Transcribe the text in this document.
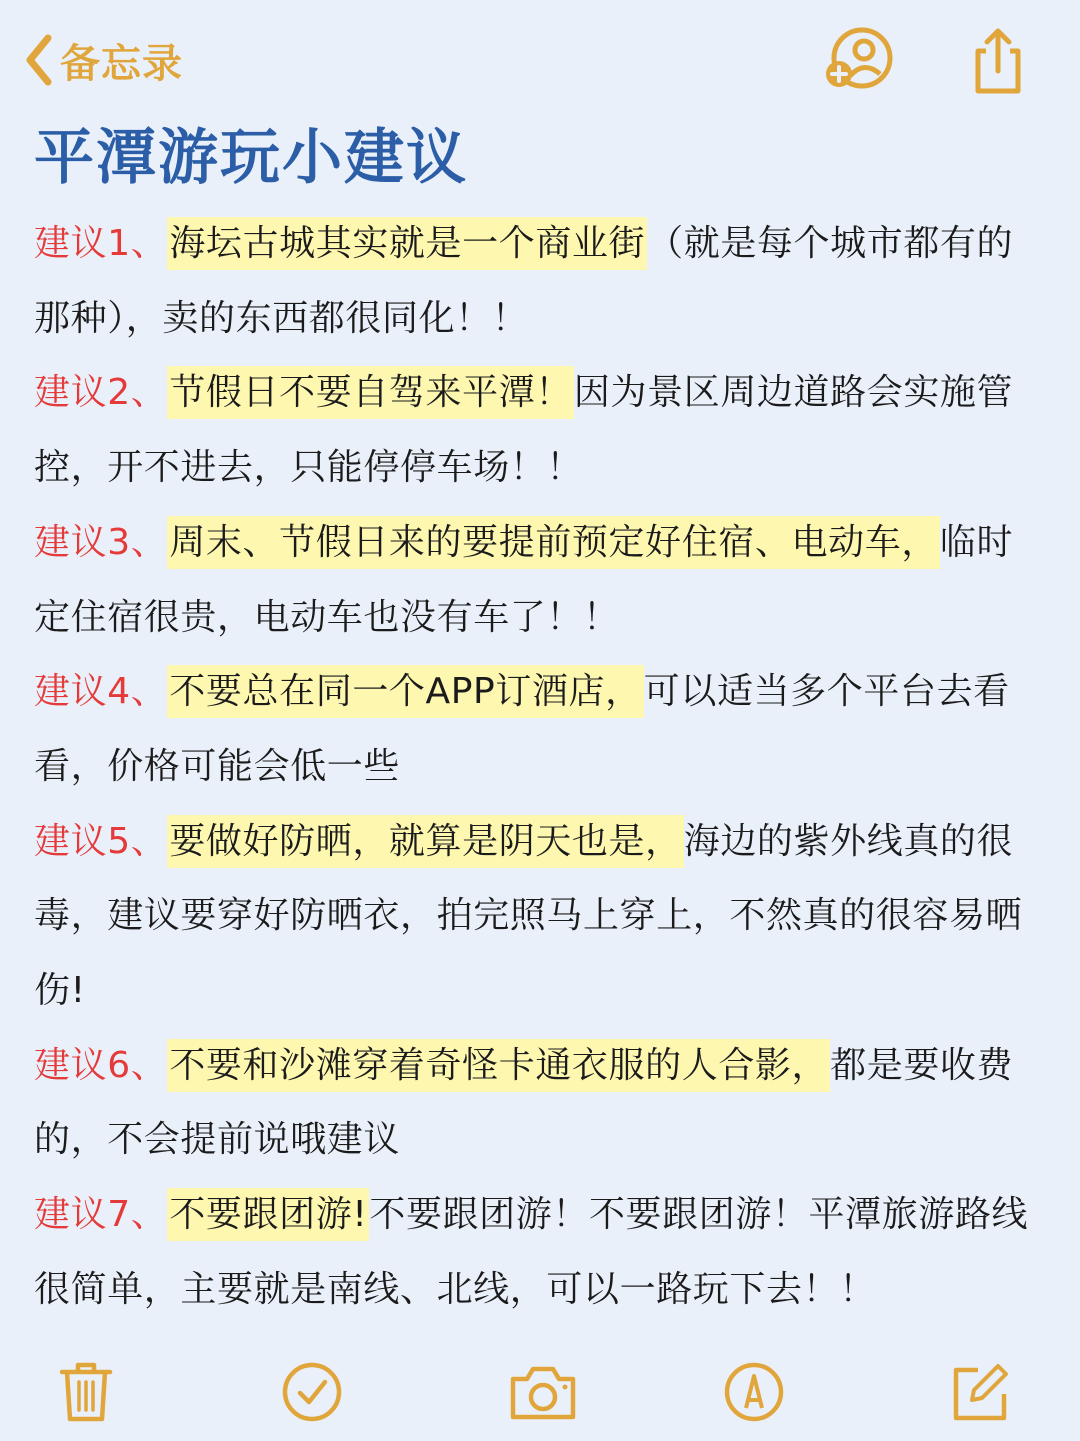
备忘录
平潭游玩小建议

建议1、海坛古城其实就是一个商业街（就是每个城市都有的那种），卖的东西都很同化！！

建议2、节假日不要自驾来平潭！因为景区周边道路会实施管控，开不进去，只能停停车场！！

建议3、周末、节假日来的要提前预定好住宿、电动车，临时定住宿很贵，电动车也没有车了！！

建议4、不要总在同一个APP订酒店，可以适当多个平台去看看，价格可能会低一些

建议5、要做好防晒，就算是阴天也是，海边的紫外线真的很毒，建议要穿好防晒衣，拍完照马上穿上，不然真的很容易晒伤!

建议6、不要和沙滩穿着奇怪卡通衣服的人合影，都是要收费的，不会提前说哦建议

建议7、不要跟团游!不要跟团游！不要跟团游！平潭旅游路线很简单，主要就是南线、北线，可以一路玩下去！！
